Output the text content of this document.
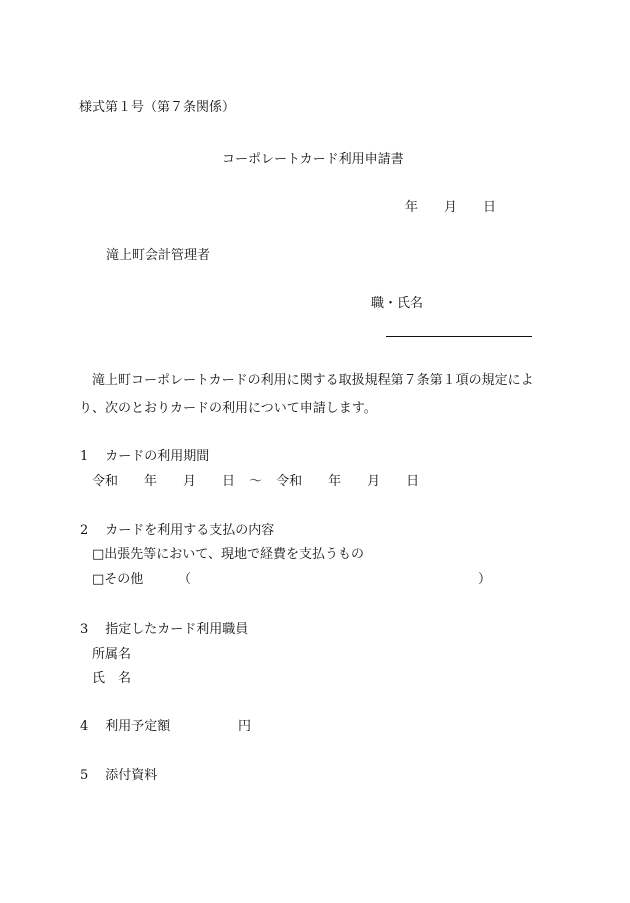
様式第１号（第７条関係）
コーポレートカード利用申請書
年 月 日
滝上町会計管理者
職・氏名
滝上町コーポレートカードの利用に関する取扱規程第７条第１項の規定によ
り、次のとおりカードの利用について申請します。
1 カードの利用期間
令和 年 月 日 ～ 令和 年 月 日
2 カードを利用する支払の内容
□出張先等において、現地で経費を支払うもの
□その他	（	）
3 指定したカード利用職員
所属名
氏　名
4 利用予定額	円
5 添付資料
